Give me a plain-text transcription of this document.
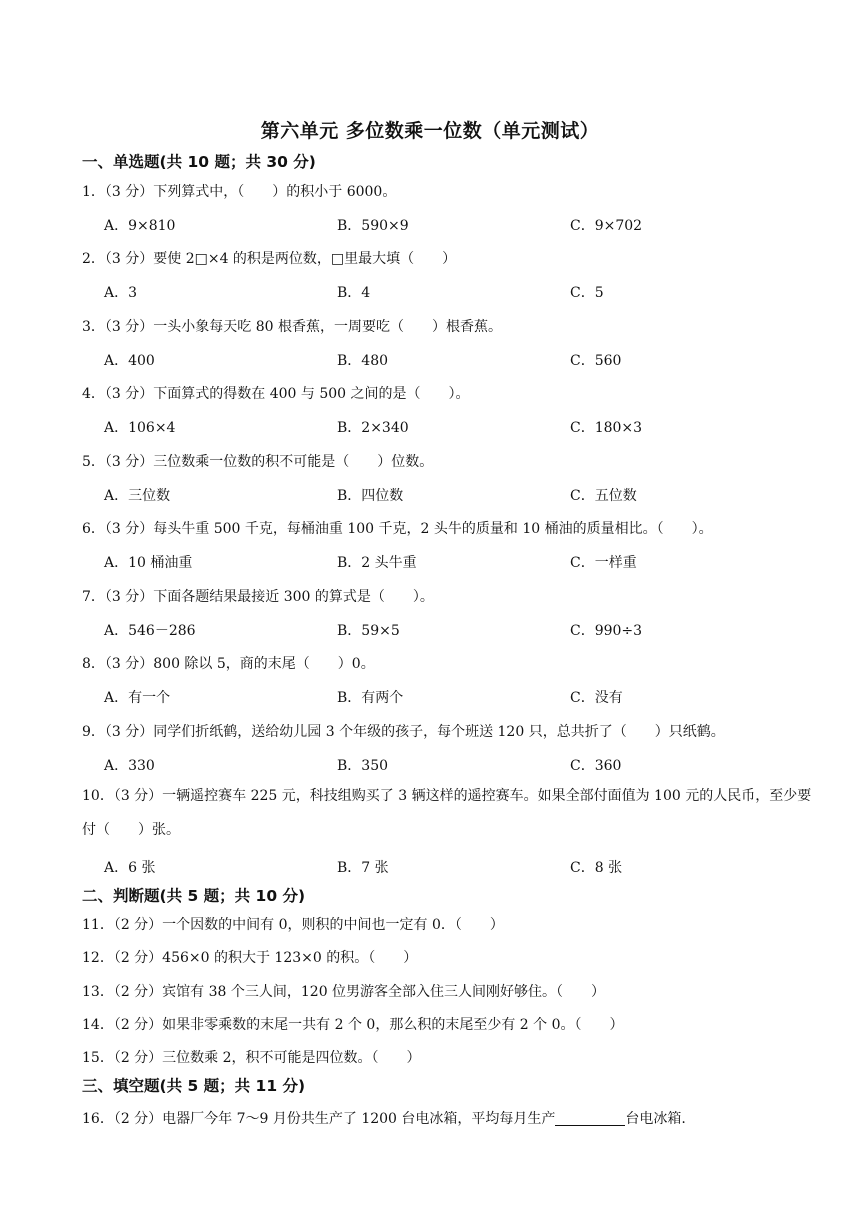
第六单元 多位数乘一位数（单元测试）
一、单选题(共 10 题；共 30 分)
1．（3 分）下列算式中，（　　）的积小于 6000。
A．9×810	B．590×9	C．9×702
2．（3 分）要使 2□×4 的积是两位数，□里最大填（　　）
A．3	B．4	C．5
3．（3 分）一头小象每天吃 80 根香蕉，一周要吃（　　）根香蕉。
A．400	B．480	C．560
4．（3 分）下面算式的得数在 400 与 500 之间的是（　　）。
A．106×4	B．2×340	C．180×3
5．（3 分）三位数乘一位数的积不可能是（　　）位数。
A．三位数	B．四位数	C．五位数
6．（3 分）每头牛重 500 千克，每桶油重 100 千克，2 头牛的质量和 10 桶油的质量相比。（　　）。
A．10 桶油重	B．2 头牛重	C．一样重
7．（3 分）下面各题结果最接近 300 的算式是（　　）。
A．546－286	B．59×5	C．990÷3
8．（3 分）800 除以 5，商的末尾（　　）0。
A．有一个	B．有两个	C．没有
9．（3 分）同学们折纸鹤，送给幼儿园 3 个年级的孩子，每个班送 120 只，总共折了（　　）只纸鹤。
A．330	B．350	C．360
10．（3 分）一辆遥控赛车 225 元，科技组购买了 3 辆这样的遥控赛车。如果全部付面值为 100 元的人民币，至少要付（　　）张。
A．6 张	B．7 张	C．8 张
二、判断题(共 5 题；共 10 分)
11．（2 分）一个因数的中间有 0，则积的中间也一定有 0．（　　）
12．（2 分）456×0 的积大于 123×0 的积。（　　）
13．（2 分）宾馆有 38 个三人间，120 位男游客全部入住三人间刚好够住。（　　）
14．（2 分）如果非零乘数的末尾一共有 2 个 0，那么积的末尾至少有 2 个 0。（　　）
15．（2 分）三位数乘 2，积不可能是四位数。（　　）
三、填空题(共 5 题；共 11 分)
16．（2 分）电器厂今年 7～9 月份共生产了 1200 台电冰箱，平均每月生产	台电冰箱.
